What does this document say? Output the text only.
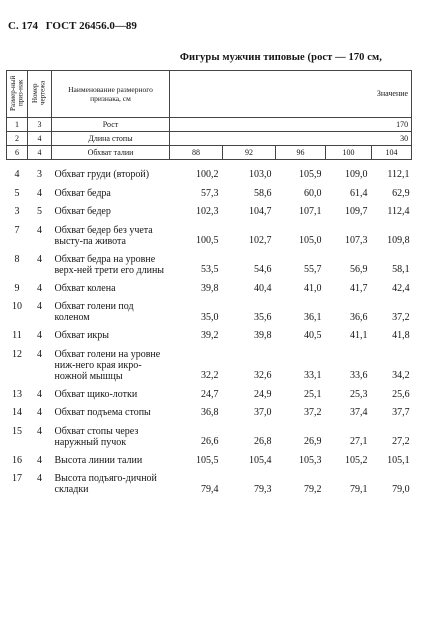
С. 174 ГОСТ 26456.0—89
Фигуры мужчин типовые (рост — 170 см,
Размер-ный приз-нак	Номер чертежа	Наименование размерного признака, см	Значение				
1	3	Рост	170				
2	4	Длина стопы	30				
6	4	Обхват талии	88	92	96	100	104
4	3	Обхват груди (второй)	100,2	103,0	105,9	109,0	112,1
5	4	Обхват бедра	57,3	58,6	60,0	61,4	62,9
3	5	Обхват бедер	102,3	104,7	107,1	109,7	112,4
7	4	Обхват бедер без учета высту-па живота	100,5	102,7	105,0	107,3	109,8
8	4	Обхват бедра на уровне верх-ней трети его длины	53,5	54,6	55,7	56,9	58,1
9	4	Обхват колена	39,8	40,4	41,0	41,7	42,4
10	4	Обхват голени под коленом	35,0	35,6	36,1	36,6	37,2
11	4	Обхват икры	39,2	39,8	40,5	41,1	41,8
12	4	Обхват голени на уровне ниж-него края икро-ножной мышцы	32,2	32,6	33,1	33,6	34,2
13	4	Обхват щико-лотки	24,7	24,9	25,1	25,3	25,6
14	4	Обхват подъема стопы	36,8	37,0	37,2	37,4	37,7
15	4	Обхват стопы через наружный пучок	26,6	26,8	26,9	27,1	27,2
16	4	Высота линии талии	105,5	105,4	105,3	105,2	105,1
17	4	Высота подъяго-дичной складки	79,4	79,3	79,2	79,1	79,0
